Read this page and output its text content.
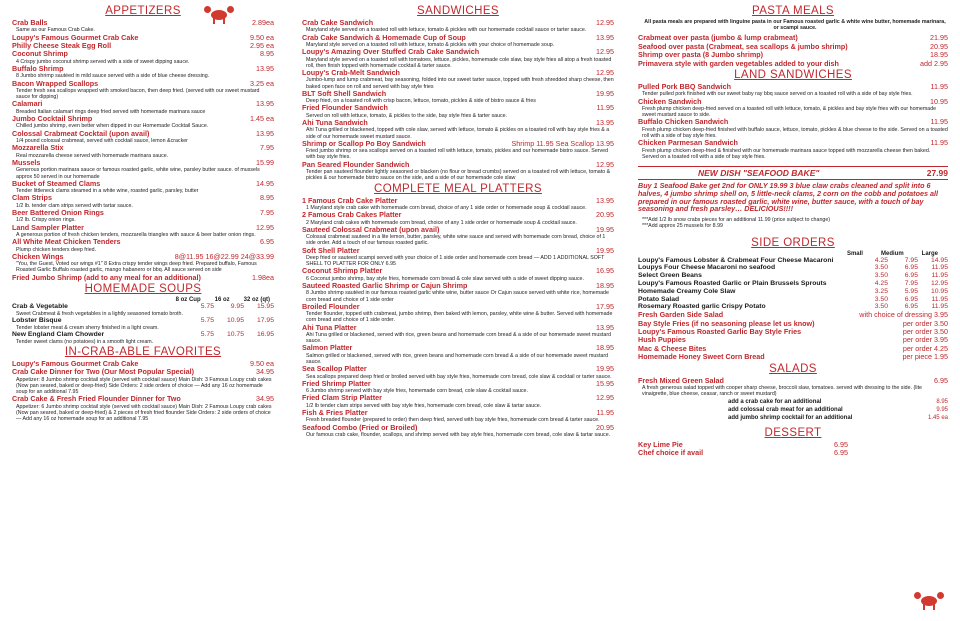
APPETIZERS
Crab Balls	2.89ea
Same as our Famous Crab Cake.
Loupy's Famous Gourmet Crab Cake	9.50 ea
Philly Cheese Steak Egg Roll	2.95 ea
Coconut Shrimp	8.95
4 Crispy jumbo coconut shrimp served with a side of sweet dipping sauce.
Buffalo Shrimp	13.95
8 Jumbo shrimp sautéed in mild sauce served with a side of blue cheese dressing.
Bacon Wrapped Scallops	3.25 ea
Tender fresh sea scallops wrapped with smoked bacon, then deep fried. (served with our sweet mustard sauce for dipping)
Calamari	13.95
Breaded Italian calamari rings deep fried served with homemade marinara sauce
Jumbo Cocktail Shrimp	1.45 ea
Chilled jumbo shrimp, even better when dipped in our Homemade Cocktail Sauce.
Colossal Crabmeat Cocktail (upon avail)	13.95
1/4 pound colossal crabmeat, served with cocktail sauce, lemon &cracker
Mozzarella Stix	7.95
Real mozzarella cheese served with homemade marinara sauce.
Mussels	15.99
Generous portion marinara sauce or famous roasted garlic, white wine, parsley butter sauce. of mussels approx 50 served in our homemade
Bucket of Steamed Clams	14.95
Tender littleneck clams steamed in a white wine, roasted garlic, parsley, butter
Clam Strips	8.95
1/2 lb. tender clam strips served with tartar sauce.
Beer Battered Onion Rings	7.95
1/2 lb. Crispy onion rings.
Land Sampler Platter	12.95
A generous portion of fresh chicken tenders, mozzarella triangles with sauce & beer batter onion rings.
All White Meat Chicken Tenders	6.95
Plump chicken tenders deep fried.
Chicken Wings	8@11.95 16@22.99 24@33.99
"You, the Guest, Voted our wings #1" 8 Extra crispy tender wings deep fried. Prepared buffalo, Famous Roasted Garlic Buffalo roasted garlic, mango habanero or bbq. All sauce served on side
Fried Jumbo Shrimp (add to any meal for an additional)	1.98ea
HOMEMADE SOUPS
8 oz Cup 16 oz 32 oz (qt)
Crab & Vegetable	5.75	9.95	15.95
Sweet Crabmeat & fresh vegetables in a lightly seasoned tomato broth.
Lobster Bisque	5.75	10.95	17.95
Tender lobster meat & cream sherry finished in a light cream.
New England Clam Chowder	5.75	10.75	16.95
Tender sweet clams (no potatoes) in a smooth light cream.
IN-CRAB-ABLE FAVORITES
Loupy's Famous Gourmet Crab Cake	9.50 ea
Crab Cake Dinner for Two (Our Most Popular Special)	34.95
Appetizer: 8 Jumbo shrimp cocktail style (served with cocktail sauce) Main Dish: 3 Famous Loupy crab cakes (Now pan seared, baked or deep-fried) Side Orders: 2 side orders of choice — Add any 16 oz homemade soup for an additional 7.95
Crab Cake & Fresh Fried Flounder Dinner for Two	34.95
Appetizer: 6 Jumbo shrimp cocktail style (served with cocktail sauce) Main Dish: 2 Famous Loupy crab cakes (Now pan seared, baked or deep-fried) & 2 pieces of fresh fried flounder Side Orders: 2 side orders of choice — Add any 16 oz homemade soup for an additional 7.95
SANDWICHES
Crab Cake Sandwich	12.95
Maryland style served on a toasted roll with lettuce, tomato & pickles with our homemade cocktail sauce or tarter sauce.
Crab Cake Sandwich & Homemade Cup of Soup	13.95
Maryland style served on a toasted roll with lettuce, tomato & pickles with your choice of homemade soup.
Loupy's Amazing Over Stuffed Crab Cake Sandwich	12.95
Maryland style served on a toasted roll with tomatoes, lettuce, pickles, homemade cole slaw, bay style fries all atop a fresh toasted roll, then finish topped with homemade cocktail & tarter sauce.
Loupy's Crab-Melt Sandwich	12.95
Jumbo-lump and lump crabmeat, bay seasoning, folded into our sweet tarter sauce, topped with fresh shredded sharp cheese, then baked open face on roll and served with bay style fries
BLT Soft Shell Sandwich	19.95
Deep fried, on a toasted roll with crisp bacon, lettuce, tomato, pickles & side of bistro sauce & fries
Fried Flounder Sandwich	11.95
Served on roll with lettuce, tomato, & pickles to the side, bay style fries & tarter sauce.
Ahi Tuna Sandwich	13.95
Ahi Tuna grilled or blackened, topped with cole slaw, served with lettuce, tomato & pickles on a toasted roll with bay style fries & a side of our homemade sweet mustard sauce.
Shrimp or Scallop Po Boy Sandwich	Shrimp 11.95 Sea Scallop 13.95
Fried jumbo shrimp or sea scallops served on a toasted roll with lettuce, tomato, pickles and our homemade bistro sauce. Served with bay style fries.
Pan Seared Flounder Sandwich	12.95
Tender pan sauteed flounder lightly seasoned or blacken (no flour or bread crumbs) served on a toasted roll with lettuce, tomato & pickles & our homemade bistro sauce on the side, and a side of our homemade cole slaw
COMPLETE MEAL PLATTERS
1 Famous Crab Cake Platter	13.95
1 Maryland style crab cake with homemade corn bread, choice of any 1 side order or homemade soup & cocktail sauce.
2 Famous Crab Cakes Platter	20.95
2 Maryland crab cakes with homemade corn bread, choice of any 1 side order or homemade soup & cocktail sauce.
Sauteed Colossal Crabmeat (upon avail)	19.95
Colossal crabmeat sauteed in a lite lemon, butter, parsley, white wine sauce and served with homemade corn bread, choice of 1 side order. Add a touch of our famous roasted garlic.
Soft Shell Platter	19.95
Deep fried or sauteed scampi served with your choice of 1 side order and homemade corn bread — ADD 1 ADDITIONAL SOFT SHELL TO PLATTER FOR ONLY 6.95
Coconut Shrimp Platter	16.95
6 Coconut jumbo shrimp, bay style fries, homemade corn bread & cole slaw served with a side of sweet dipping sauce.
Sauteed Roasted Garlic Shrimp or Cajun Shrimp	18.95
8 Jumbo shrimp sautéed in our famous roasted garlic white wine, butter sauce Or Cajun sauce served with white rice, homemade corn bread and choice of 1 side order
Broiled Flounder	17.95
Tender flounder, topped with crabmeat, jumbo shrimp, then baked with lemon, parsley, white wine & butter. Served with homemade corn bread and choice of 1 side order.
Ahi Tuna Platter	13.95
Ahi Tuna grilled or blackened, served with rice, green beans and homemade corn bread & a side of our homemade sweet mustard sauce.
Salmon Platter	18.95
Salmon grilled or blackened, served with rice, green beans and homemade corn bread & a side of our homemade sweet mustard sauce.
Sea Scallop Platter	19.95
Sea scallops prepared deep fried or broiled served with bay style fries, homemade corn bread, cole slaw & cocktail or tarter sauce.
Fried Shrimp Platter	15.95
6 Jumbo shrimp served with bay style fries, homemade corn bread, cole slaw & cocktail sauce.
Fried Clam Strip Platter	12.95
1/2 lb tender clam strips served with bay style fries, homemade corn bread, cole slaw & tartar sauce.
Fish & Fries Platter	11.95
Fresh breaded flounder (prepared to order) then deep fried, served with bay style fries, homemade corn bread & tarter sauce.
Seafood Combo (Fried or Broiled)	20.95
Our famous crab cake, flounder, scallops, and shrimp served with bay style fries, homemade corn bread, cole slaw & tartar sauce.
PASTA MEALS
All pasta meals are prepared with linguine pasta in our Famous roasted garlic & white wine butter, homemade marinara, or scampi sauce.
Crabmeat over pasta (jumbo & lump crabmeat)	21.95
Seafood over pasta (Crabmeat, sea scallops & jumbo shrimp)	20.95
Shrimp over pasta (8 Jumbo shrimp)	18.95
Primavera style with garden vegetables added to your dish	add 2.95
LAND SANDWICHES
Pulled Pork BBQ Sandwich	11.95
Tender pulled pork finished with our sweet baby ray bbq sauce served on a toasted roll with a side of bay style fries.
Chicken Sandwich	10.95
Fresh plump chicken deep-fried served on a toasted roll with lettuce, tomato, & pickles and bay style fries with our homemade sweet mustard sauce to side.
Buffalo Chicken Sandwich	11.95
Fresh plump chicken deep-fried finished with buffalo sauce, lettuce, tomato, pickles & blue cheese to the side. Served on a toasted roll with a side of bay style fries.
Chicken Parmesan Sandwich	11.95
Fresh plump chicken deep-fried & finished with our homemade marinara sauce topped with mozzarella cheese then baked. Served on a toasted roll with a side of bay style fries.
NEW DISH "SEAFOOD BAKE"	27.99
Buy 1 Seafood Bake get 2nd for ONLY 19.99 3 blue claw crabs cleaned and split into 6 halves, 4 jumbo shrimp shell on, 5 little-neck clams, 2 corn on the cobb and potatoes all prepared in our famous roasted garlic, white wine, butter sauce, with a touch of bay seasoning and fresh parsley… DELICIOUS!!!!
***Add 1/2 lb snow crabs pieces for an additional 11.99 (price subject to change)
***Add approx 25 mussels for 8.99
SIDE ORDERS
Small	Medium	Large
Loupy's Famous Lobster & Crabmeat Four Cheese Macaroni	4.25	7.95	14.95
Loupys Four Cheese Macaroni no seafood	3.50	6.95	11.95
Select Green Beans	3.50	6.95	11.95
Loupy's Famous Roasted Garlic or Plain Brussels Sprouts	4.25	7.95	12.95
Homemade Creamy Cole Slaw	3.25	5.95	10.95
Potato Salad	3.50	6.95	11.95
Rosemary Roasted garlic Crispy Potato	3.50	6.95	11.95
Fresh Garden Side Salad	with choice of dressing 3.95
Bay Style Fries (if no seasoning please let us know)	per order 3.50
Loupy's Famous Roasted Garlic Bay Style Fries	per order 3.50
Hush Puppies	per order 3.95
Mac & Cheese Bites	per order 4.25
Homemade Honey Sweet Corn Bread	per piece 1.95
SALADS
Fresh Mixed Green Salad	6.95
A fresh generous salad topped with cooper sharp cheese, broccoli slaw, tomatoes. served with dressing to the side. (lite vinaigrette, blue cheese, ceasar, ranch or sweet mustard)
add a crab cake for an additional	8.95
add colossal crab meat for an additional	9.95
add jumbo shrimp cocktail for an additional	1.45 ea
DESSERT
Key Lime Pie	6.95
Chef choice if avail	6.95
